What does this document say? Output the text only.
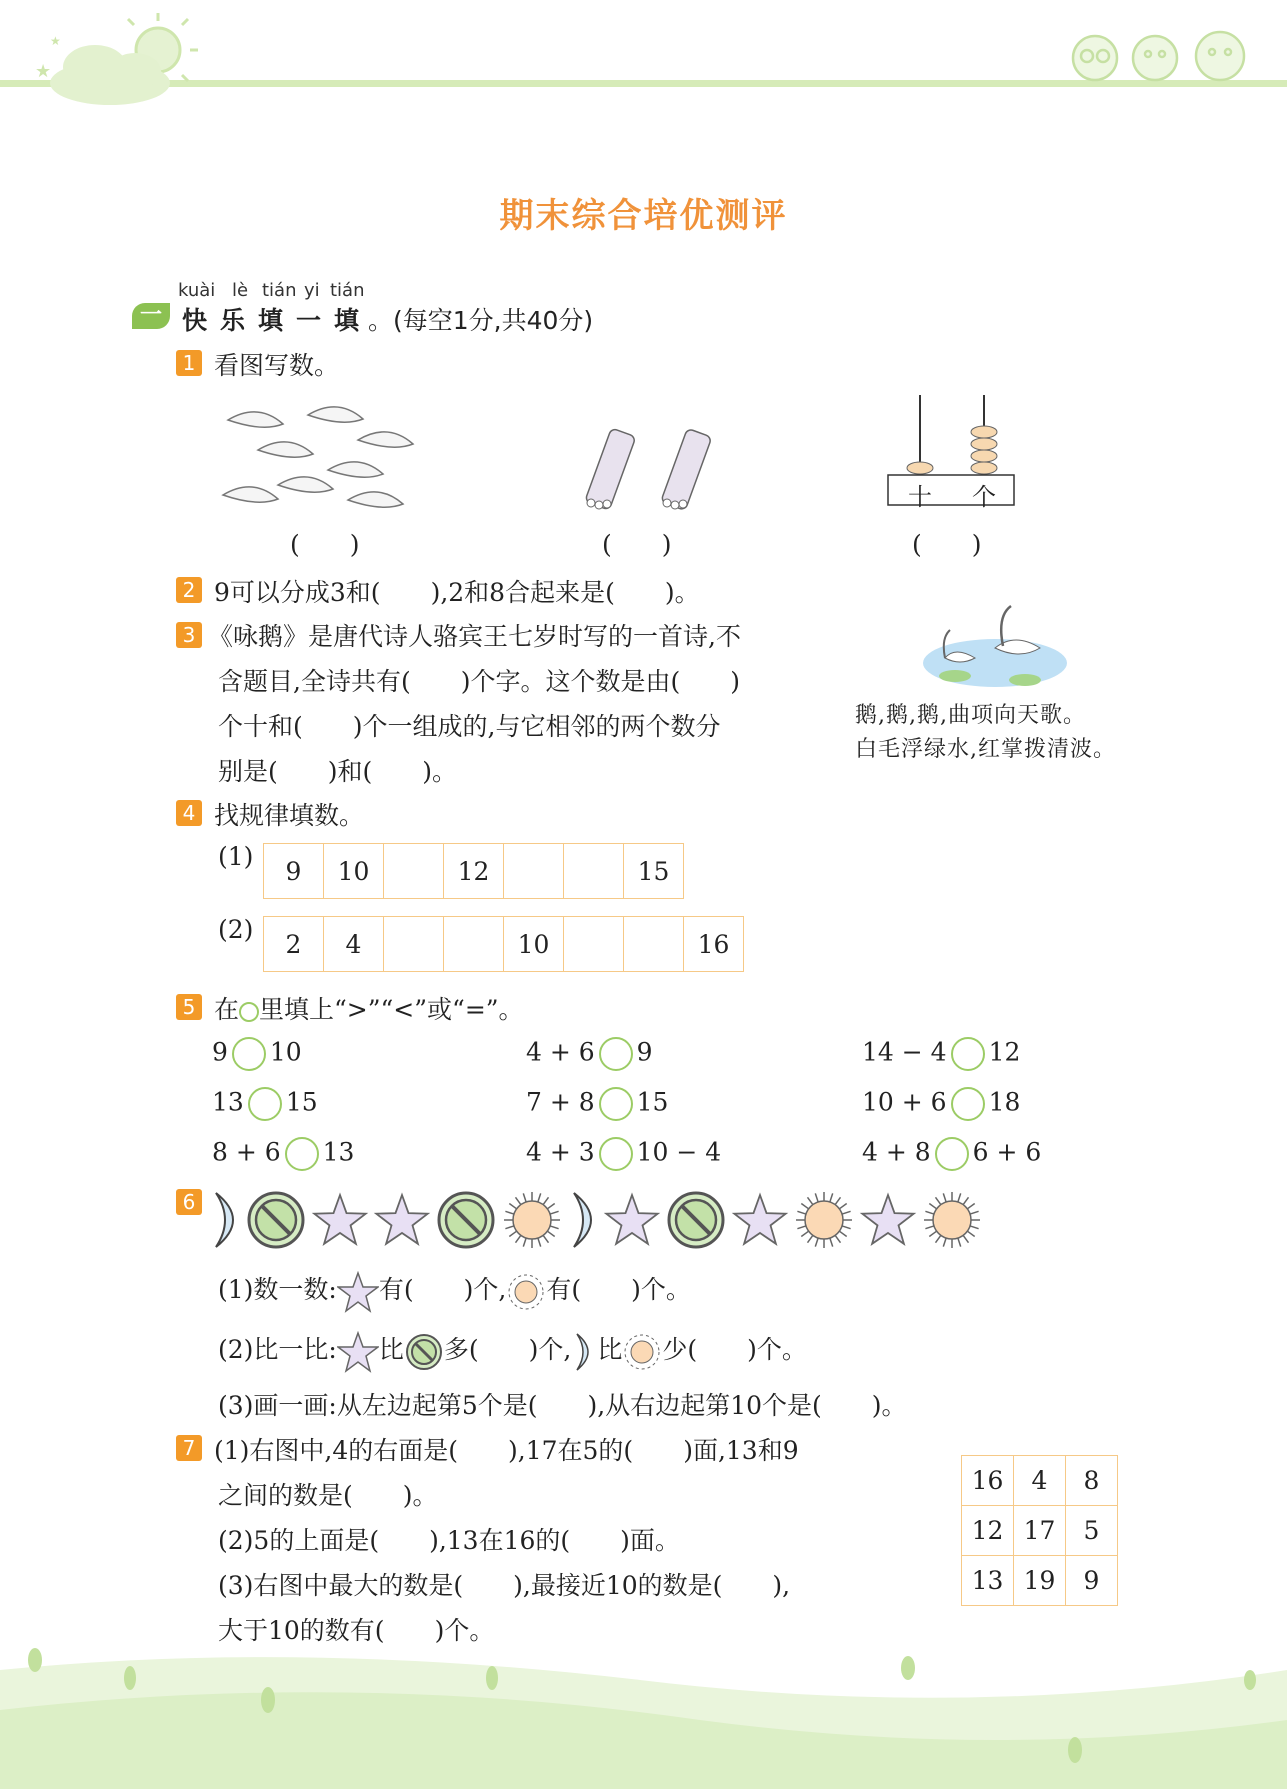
★
★
期末综合培优测评
kuài lè tián yi tián
一 快 乐 填 一 填 。(每空1分,共40分)
1 看图写数。
十 个
(　　)	(　　)	(　　)
2 9可以分成3和(　　),2和8合起来是(　　)。
3 《咏鹅》是唐代诗人骆宾王七岁时写的一首诗,不
含题目,全诗共有(　　)个字。这个数是由(　　)
个十和(　　)个一组成的,与它相邻的两个数分
别是(　　)和(　　)。
鹅,鹅,鹅,曲项向天歌。
白毛浮绿水,红掌拨清波。
4 找规律填数。
(1) 9	10		12			15
(2) 2	4			10			16
5 在 里填上“>”“<”或“=”。
9 10	4 + 6 9	14 − 4 12
13 15	7 + 8 15	10 + 6 18
8 + 6 13	4 + 3 10 − 4	4 + 8 6 + 6
6
(1)数一数: 有(　　)个, 有(　　)个。
(2)比一比: 比 多(　　)个, 比 少(　　)个。
(3)画一画:从左边起第5个是(　　),从右边起第10个是(　　)。
7 (1)右图中,4的右面是(　　),17在5的(　　)面,13和9
之间的数是(　　)。
(2)5的上面是(　　),13在16的(　　)面。
(3)右图中最大的数是(　　),最接近10的数是(　　),
大于10的数有(　　)个。
16	4	8
12	17	5
13	19	9
